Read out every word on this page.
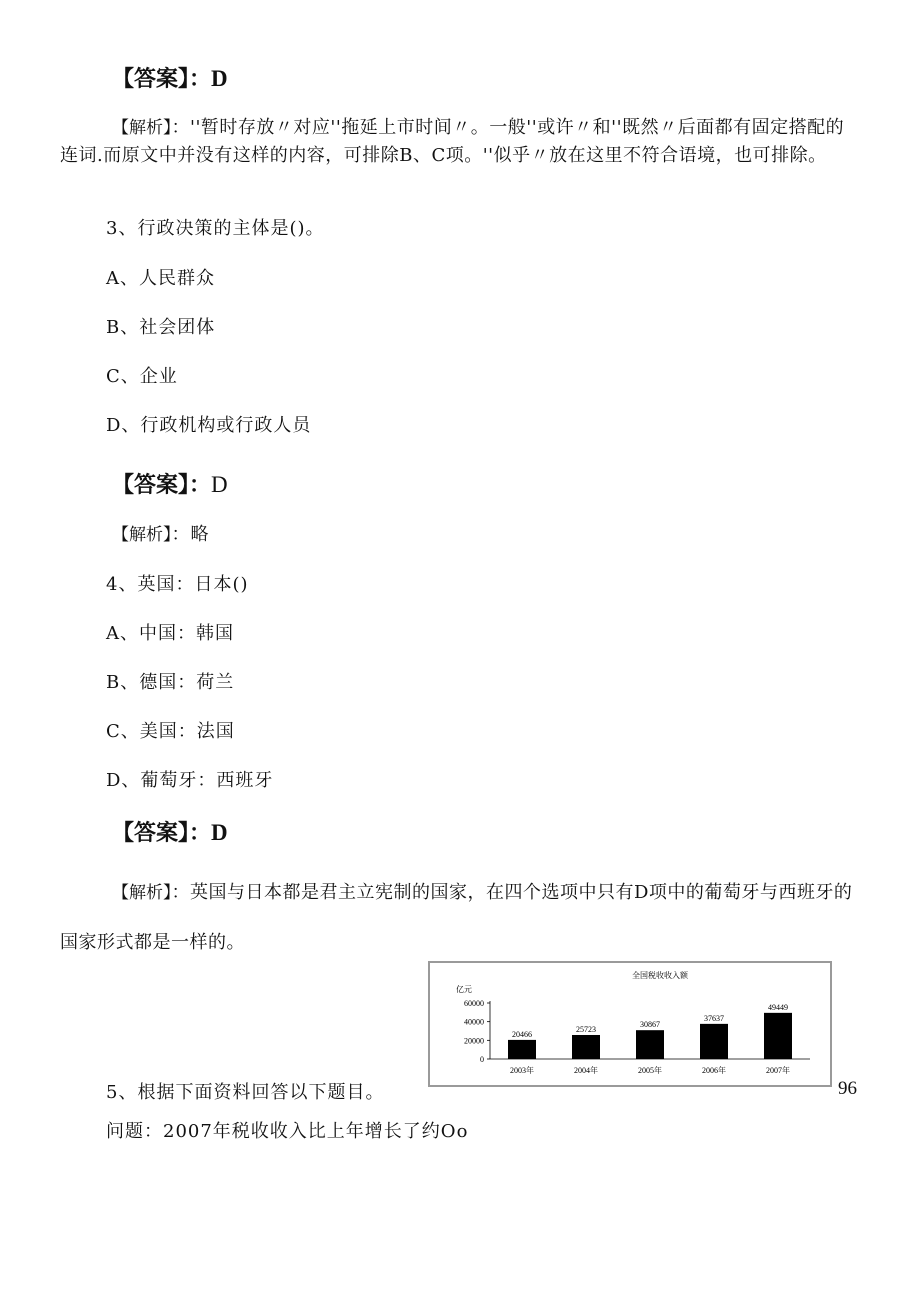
【答案】：D
【解析】：''暂时存放〃对应''拖延上市时间〃。一般''或许〃和''既然〃后面都有固定搭配的连词.而原文中并没有这样的内容，可排除B、C项。''似乎〃放在这里不符合语境，也可排除。
3、行政决策的主体是()。
A、人民群众
B、社会团体
C、企业
D、行政机构或行政人员
【答案】：D
【解析】：略
4、英国：日本()
A、中国：韩国
B、德国：荷兰
C、美国：法国
D、葡萄牙：西班牙
【答案】：D
【解析】：英国与日本都是君主立宪制的国家，在四个选项中只有D项中的葡萄牙与西班牙的国家形式都是一样的。
全国税收收入额
亿元
60000
40000
20000
0
20466
2003年
25723
2004年
30867
2005年
37637
2006年
49449
2007年
5、根据下面资料回答以下题目。	96
问题：2007年税收收入比上年增长了约Oo
